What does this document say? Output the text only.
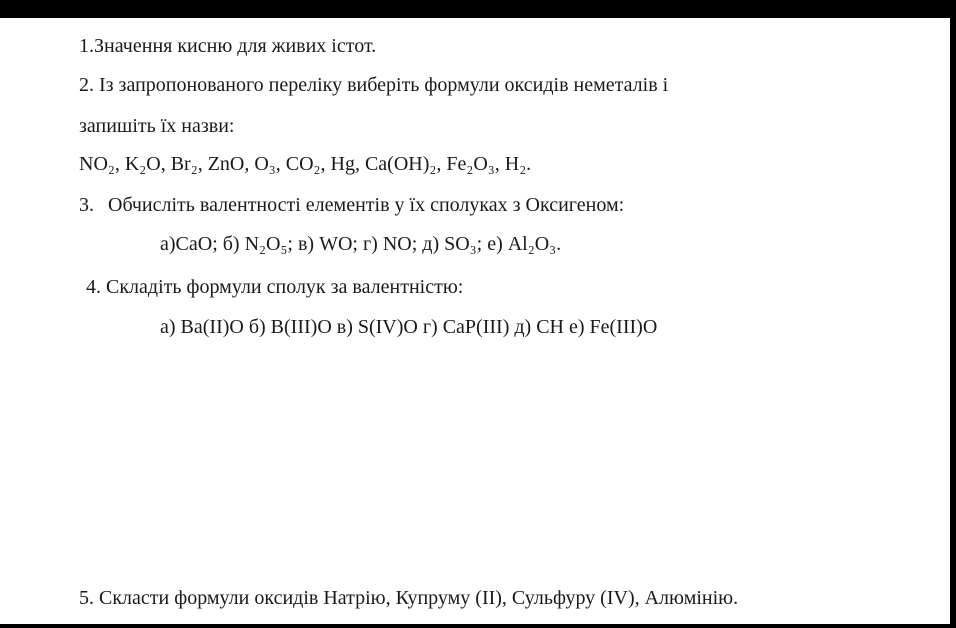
1.Значення кисню для живих істот.
2. Із запропонованого переліку виберіть формули оксидів неметалів і
запишіть їх назви:
NO₂, K₂O, Br₂, ZnO, O₃, CO₂, Hg, Ca(OH)₂, Fe₂O₃, H₂.
3. Обчисліть валентності елементів у їх сполуках з Оксигеном:
а)CaO; б) N₂O₅; в) WO; г) NO; д) SO₃; е) Al₂O₃.
4. Складіть формули сполук за валентністю:
а) Ba(II)O б) B(III)O в) S(IV)O г) CaP(III) д) CH е) Fe(III)O
5. Скласти формули оксидів Натрію, Купруму (II), Сульфуру (IV), Алюмінію.
